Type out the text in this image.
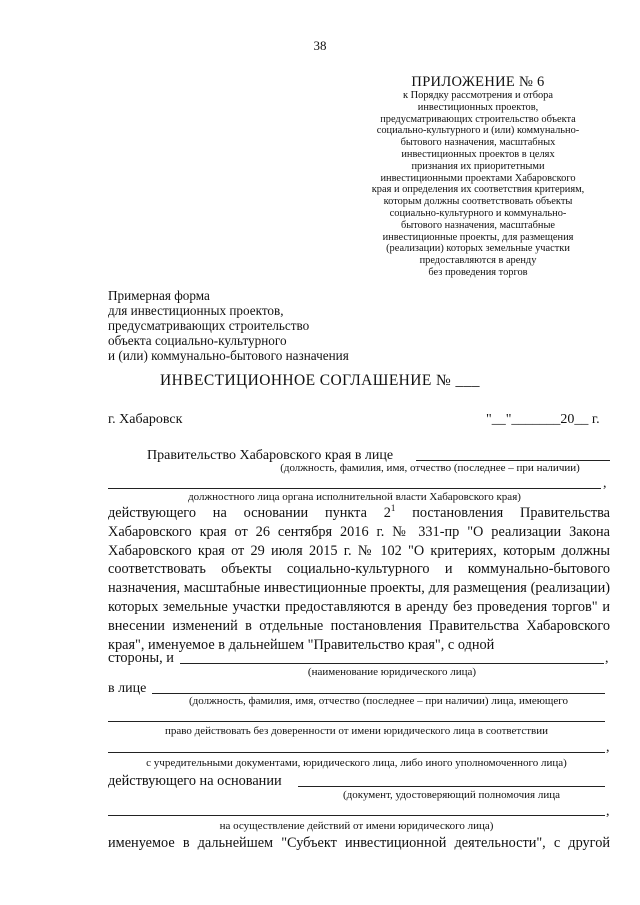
38
ПРИЛОЖЕНИЕ № 6
к Порядку рассмотрения и отбора
инвестиционных проектов,
предусматривающих строительство объекта
социально-культурного и (или) коммунально-
бытового назначения, масштабных
инвестиционных проектов в целях
признания их приоритетными
инвестиционными проектами Хабаровского
края и определения их соответствия критериям,
которым должны соответствовать объекты
социально-культурного и коммунально-
бытового назначения, масштабные
инвестиционные проекты, для размещения
(реализации) которых земельные участки
предоставляются в аренду
без проведения торгов
Примерная форма
для инвестиционных проектов,
предусматривающих строительство
объекта социально-культурного
и (или) коммунально-бытового назначения
ИНВЕСТИЦИОННОЕ СОГЛАШЕНИЕ № ___
г. Хабаровск	"__"_______20__ г.
Правительство Хабаровского края в лице
(должность, фамилия, имя, отчество (последнее – при наличии)
,
должностного лица органа исполнительной власти Хабаровского края)
действующего на основании пункта $2^1$ постановления Правительства Хабаровского края от 26 сентября 2016 г. № 331-пр "О реализации Закона Хабаровского края от 29 июля 2015 г. № 102 "О критериях, которым должны соответствовать объекты социально-культурного и коммунально-бытового назначения, масштабные инвестиционные проекты, для размещения (реализации) которых земельные участки предоставляются в аренду без проведения торгов" и внесении изменений в отдельные постановления Правительства Хабаровского края", именуемое в дальнейшем "Правительство края", с одной
стороны, и	,
(наименование юридического лица)
в лице
(должность, фамилия, имя, отчество (последнее – при наличии) лица, имеющего
право действовать без доверенности от имени юридического лица в соответствии
,
с учредительными документами, юридического лица, либо иного уполномоченного лица)
действующего на основании
(документ, удостоверяющий полномочия лица
,
на осуществление действий от имени юридического лица)
именуемое в дальнейшем "Субъект инвестиционной деятельности", с другой
